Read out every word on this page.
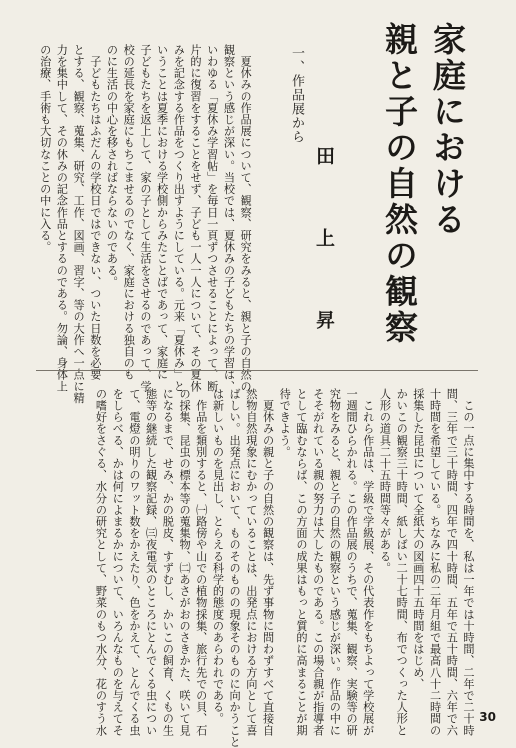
家庭における
親と子の自然の観察
田　上　昇
一、作品展から
　夏休みの作品展について、観察、研究をみると、親と子の自然の
観察という感じが深い。当校では、夏休みの子どもたちの学習は、
いわゆる「夏休み学習帖」を毎日一頁ずつさせることによって、断
片的に復習をすることをせず、子ども一人一人について、その夏休
みを記念する作品をつくり出すようにしている。元来「夏休み」と
いうことは夏季における学校側からみたことばであって、家庭に
子どもたちを返上して、家の子として生活をさせるのであって、学
校の延長を家庭にもちこませるのでなく、家庭における独自のも
のに生活の中心を移さればならないのである。
　子どもたちはふだんの学校日ではできない、ついた日数を必要
とする、観察、蒐集、研究、工作、図画、習字、等の大作へ一点に精
力を集中して、その休みの記念作品とするのである。勿論、身体上
の治療、手術も大切なことの中に入る。
　この一点に集中する時間を、私は一年では十時間、二年で二十時
間、三年で三十時間、四年で四十時間、五年で五十時間、六年で六
十時間を希望している。ちなみに私の二年月組で最高八十二時間の
採集した昆虫について全紙大の図画四十五時間をはじめ、
かいこの観察三十時間、紙しばい二十七時間、布でつくった人形と
人形の道具二十五時間等々がある。
　これら作品は、学級で学級展、その代表作をもちよって学校展が
一週間ひらかれる。この作品展のうちで、蒐集、観察、実験等の研
究物をみると、親と子の自然の観察という感じが深い。作品の中に
そそがれている親の努力は大したものである。この場合親が指導者
として臨むならば、この方面の成果はもっと質的に高まることが期
待できよう。
　夏休みの親と子の自然の観察は、先ず事物に問わずすべて直接自
然物自然現象にむかっていることは、出発点における方向として喜
ばしい。出発点において、ものそのものの現象そのものに向かうこと
は新しいものを見出し、とらえる科学的態度のあらわれである。
　作品を類別すると、㈠路傍や山での植物採集、旅行先での貝、石
の採集、昆虫の標本等の蒐集物、㈡あさがおのさきかた、咲いて見
になるまで、せみ、かの脱皮、すずむし、かいこの飼育、くもの生
態等の継続した観察記録、㈢夜電気のところにとんでくる虫につい
て、電燈の明りのワット数をかえたり、色をかえて、とんでくる虫
をしらべる、かは何によまるかについて、いろんなものを与えてそ
の嗜好をさぐる、水分の研究として、野菜のもつ水分、花のすう水	30
